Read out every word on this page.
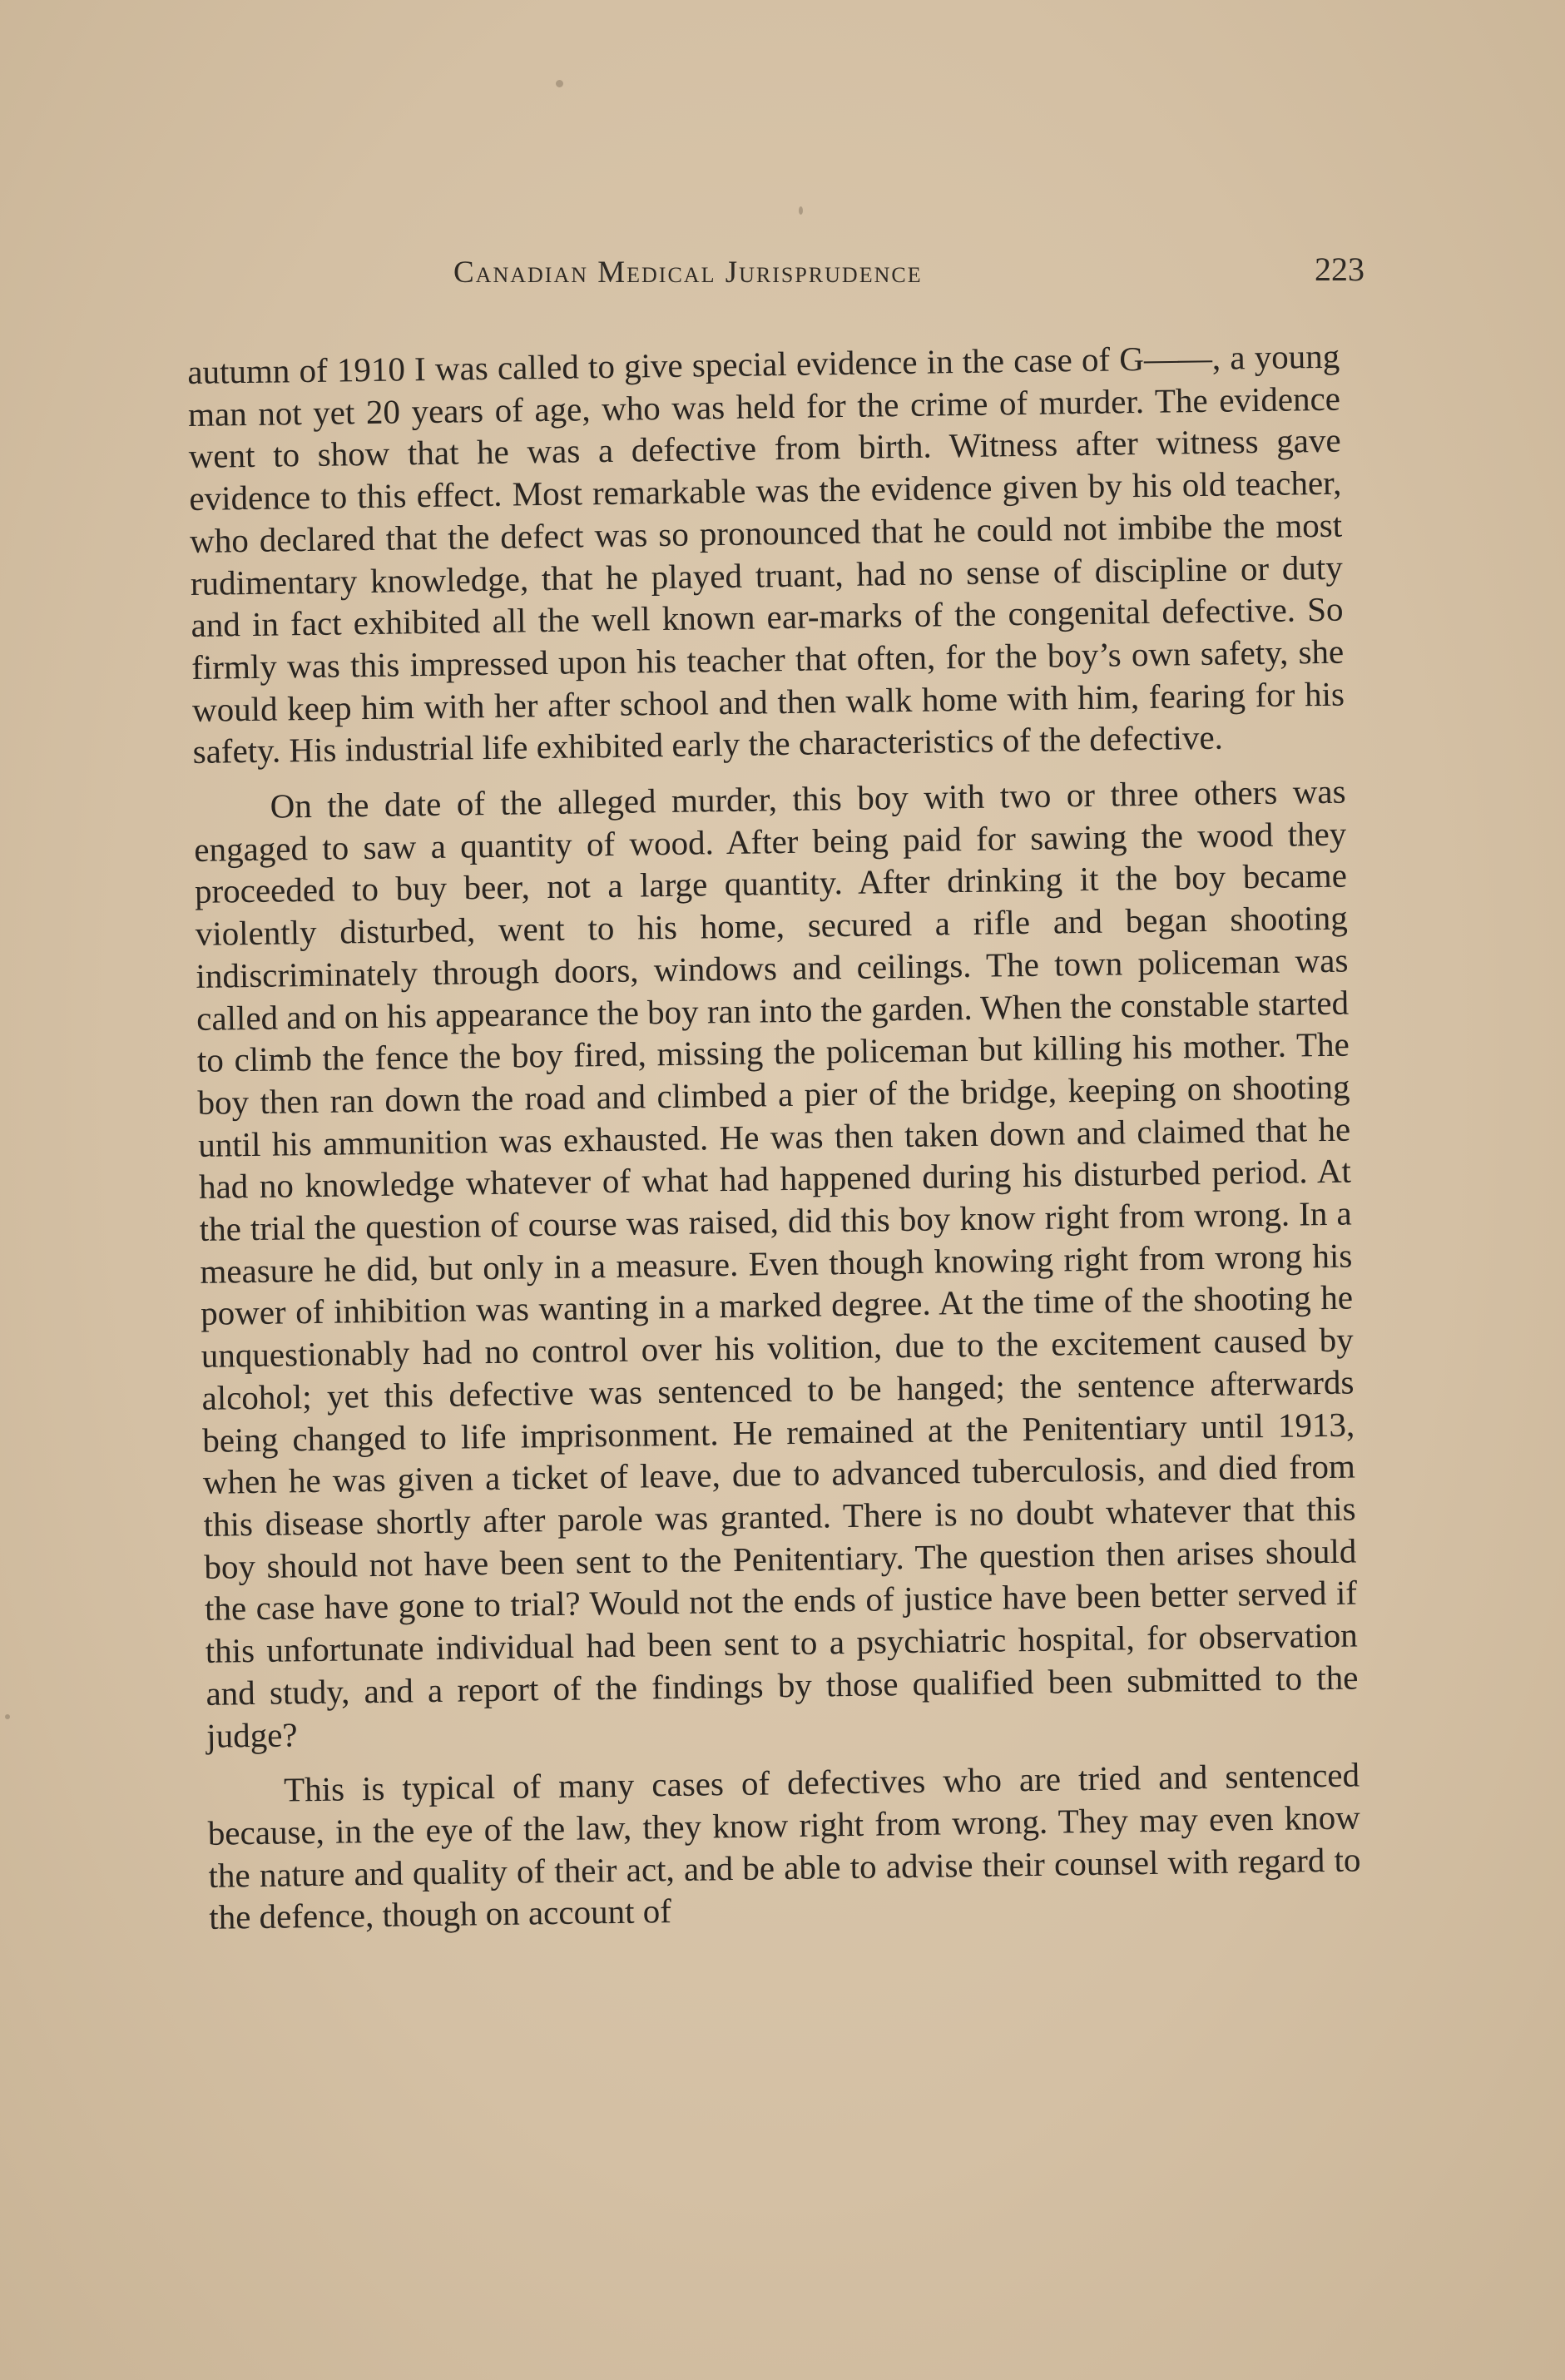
Canadian Medical Jurisprudence	223

autumn of 1910 I was called to give special evidence in the case of G——, a young man not yet 20 years of age, who was held for the crime of murder. The evidence went to show that he was a defective from birth. Witness after witness gave evidence to this effect. Most remarkable was the evidence given by his old teacher, who declared that the defect was so pronounced that he could not imbibe the most rudimentary knowledge, that he played truant, had no sense of discipline or duty and in fact exhibited all the well known ear-marks of the congenital defective. So firmly was this impressed upon his teacher that often, for the boy’s own safety, she would keep him with her after school and then walk home with him, fearing for his safety. His industrial life exhibited early the characteristics of the defective.

On the date of the alleged murder, this boy with two or three others was engaged to saw a quantity of wood. After being paid for sawing the wood they proceeded to buy beer, not a large quantity. After drinking it the boy became violently disturbed, went to his home, secured a rifle and began shooting indiscriminately through doors, windows and ceilings. The town policeman was called and on his appearance the boy ran into the garden. When the constable started to climb the fence the boy fired, missing the policeman but killing his mother. The boy then ran down the road and climbed a pier of the bridge, keeping on shooting until his ammunition was exhausted. He was then taken down and claimed that he had no knowledge whatever of what had happened during his disturbed period. At the trial the question of course was raised, did this boy know right from wrong. In a measure he did, but only in a measure. Even though knowing right from wrong his power of inhibition was wanting in a marked degree. At the time of the shooting he unquestionably had no control over his volition, due to the excitement caused by alcohol; yet this defective was sentenced to be hanged; the sentence afterwards being changed to life imprisonment. He remained at the Penitentiary until 1913, when he was given a ticket of leave, due to advanced tuberculosis, and died from this disease shortly after parole was granted. There is no doubt whatever that this boy should not have been sent to the Penitentiary. The question then arises should the case have gone to trial? Would not the ends of justice have been better served if this unfortunate individual had been sent to a psychiatric hospital, for observation and study, and a report of the findings by those qualified been submitted to the judge?

This is typical of many cases of defectives who are tried and sentenced because, in the eye of the law, they know right from wrong. They may even know the nature and quality of their act, and be able to advise their counsel with regard to the defence, though on account of
